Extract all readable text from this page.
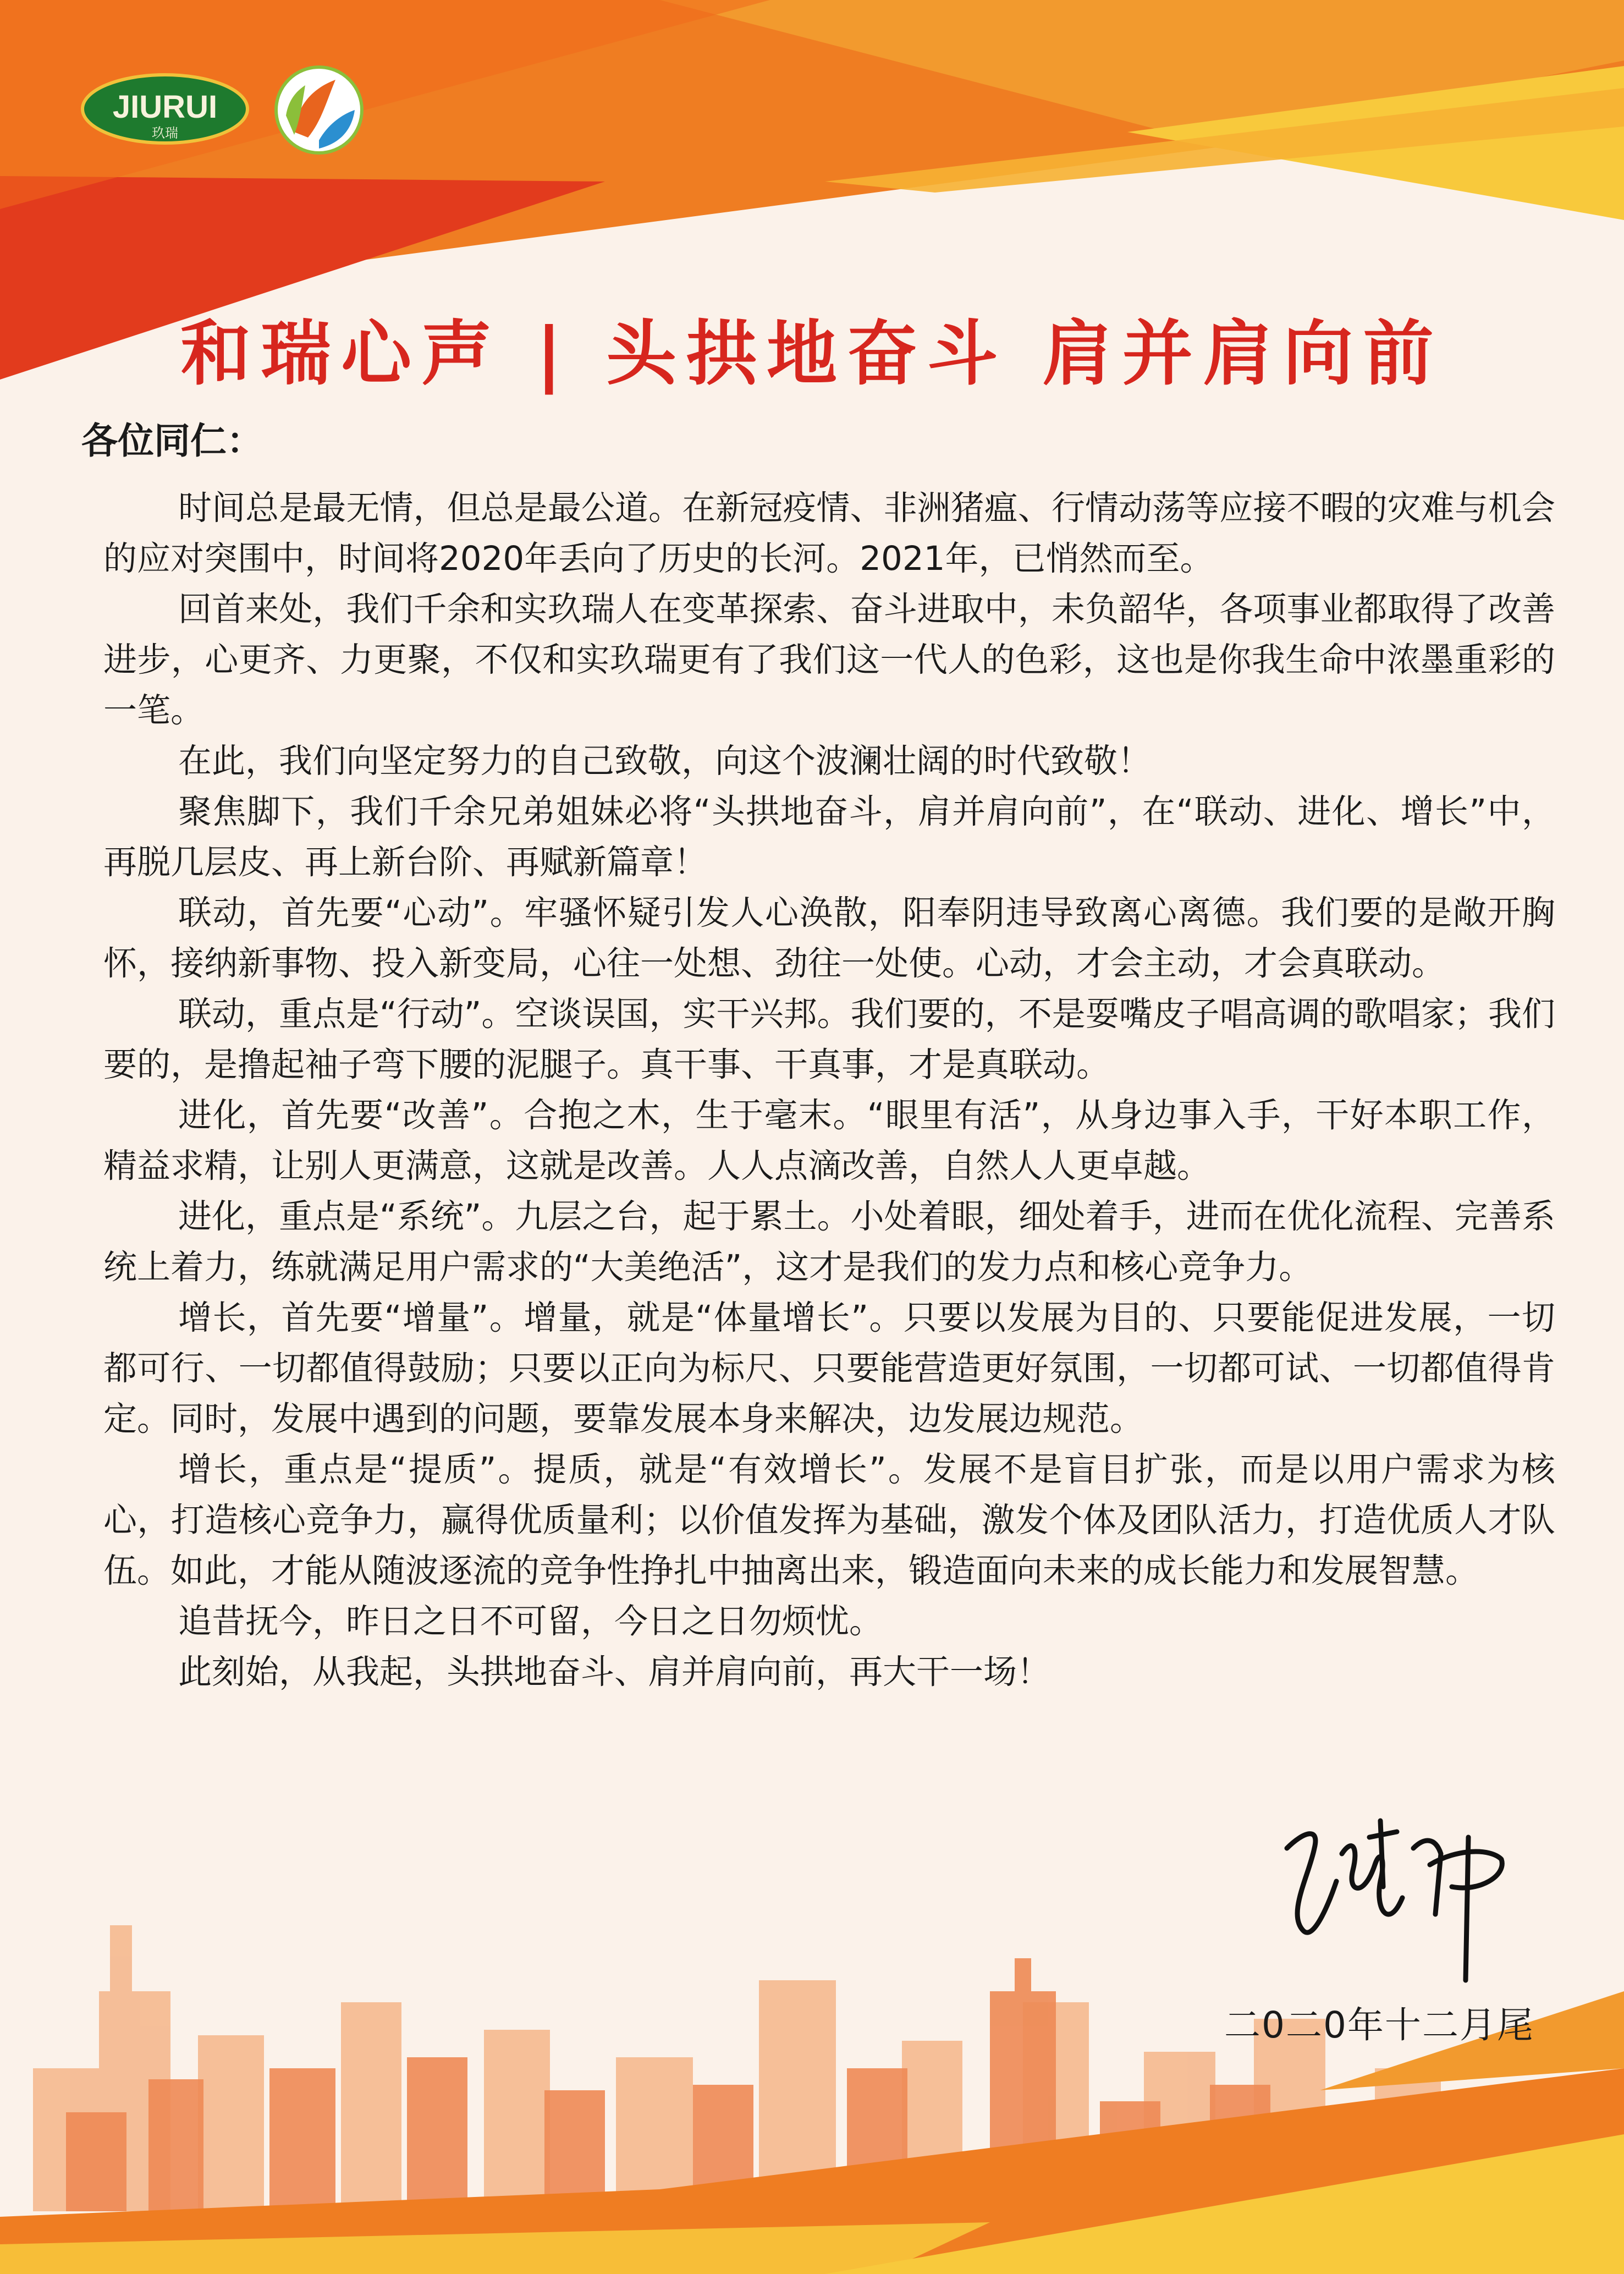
JIURUI
玖瑞
和瑞心声 | 头拱地奋斗 肩并肩向前
各位同仁：

时间总是最无情，但总是最公道。在新冠疫情、非洲猪瘟、行情动荡等应接不暇的灾难与机会的应对突围中，时间将2020年丢向了历史的长河。2021年，已悄然而至。

回首来处，我们千余和实玖瑞人在变革探索、奋斗进取中，未负韶华，各项事业都取得了改善进步，心更齐、力更聚，不仅和实玖瑞更有了我们这一代人的色彩，这也是你我生命中浓墨重彩的一笔。

在此，我们向坚定努力的自己致敬，向这个波澜壮阔的时代致敬！

聚焦脚下，我们千余兄弟姐妹必将“头拱地奋斗，肩并肩向前”，在“联动、进化、增长”中，再脱几层皮、再上新台阶、再赋新篇章！

联动，首先要“心动”。牢骚怀疑引发人心涣散，阳奉阴违导致离心离德。我们要的是敞开胸怀，接纳新事物、投入新变局，心往一处想、劲往一处使。心动，才会主动，才会真联动。

联动，重点是“行动”。空谈误国，实干兴邦。我们要的，不是耍嘴皮子唱高调的歌唱家；我们要的，是撸起袖子弯下腰的泥腿子。真干事、干真事，才是真联动。

进化，首先要“改善”。合抱之木，生于毫末。“眼里有活”，从身边事入手，干好本职工作，精益求精，让别人更满意，这就是改善。人人点滴改善，自然人人更卓越。

进化，重点是“系统”。九层之台，起于累土。小处着眼，细处着手，进而在优化流程、完善系统上着力，练就满足用户需求的“大美绝活”，这才是我们的发力点和核心竞争力。

增长，首先要“增量”。增量，就是“体量增长”。只要以发展为目的、只要能促进发展，一切都可行、一切都值得鼓励；只要以正向为标尺、只要能营造更好氛围，一切都可试、一切都值得肯定。同时，发展中遇到的问题，要靠发展本身来解决，边发展边规范。

增长，重点是“提质”。提质，就是“有效增长”。发展不是盲目扩张，而是以用户需求为核心，打造核心竞争力，赢得优质量利；以价值发挥为基础，激发个体及团队活力，打造优质人才队伍。如此，才能从随波逐流的竞争性挣扎中抽离出来，锻造面向未来的成长能力和发展智慧。

追昔抚今，昨日之日不可留，今日之日勿烦忧。

此刻始，从我起，头拱地奋斗、肩并肩向前，再大干一场！

二0二0年十二月尾
